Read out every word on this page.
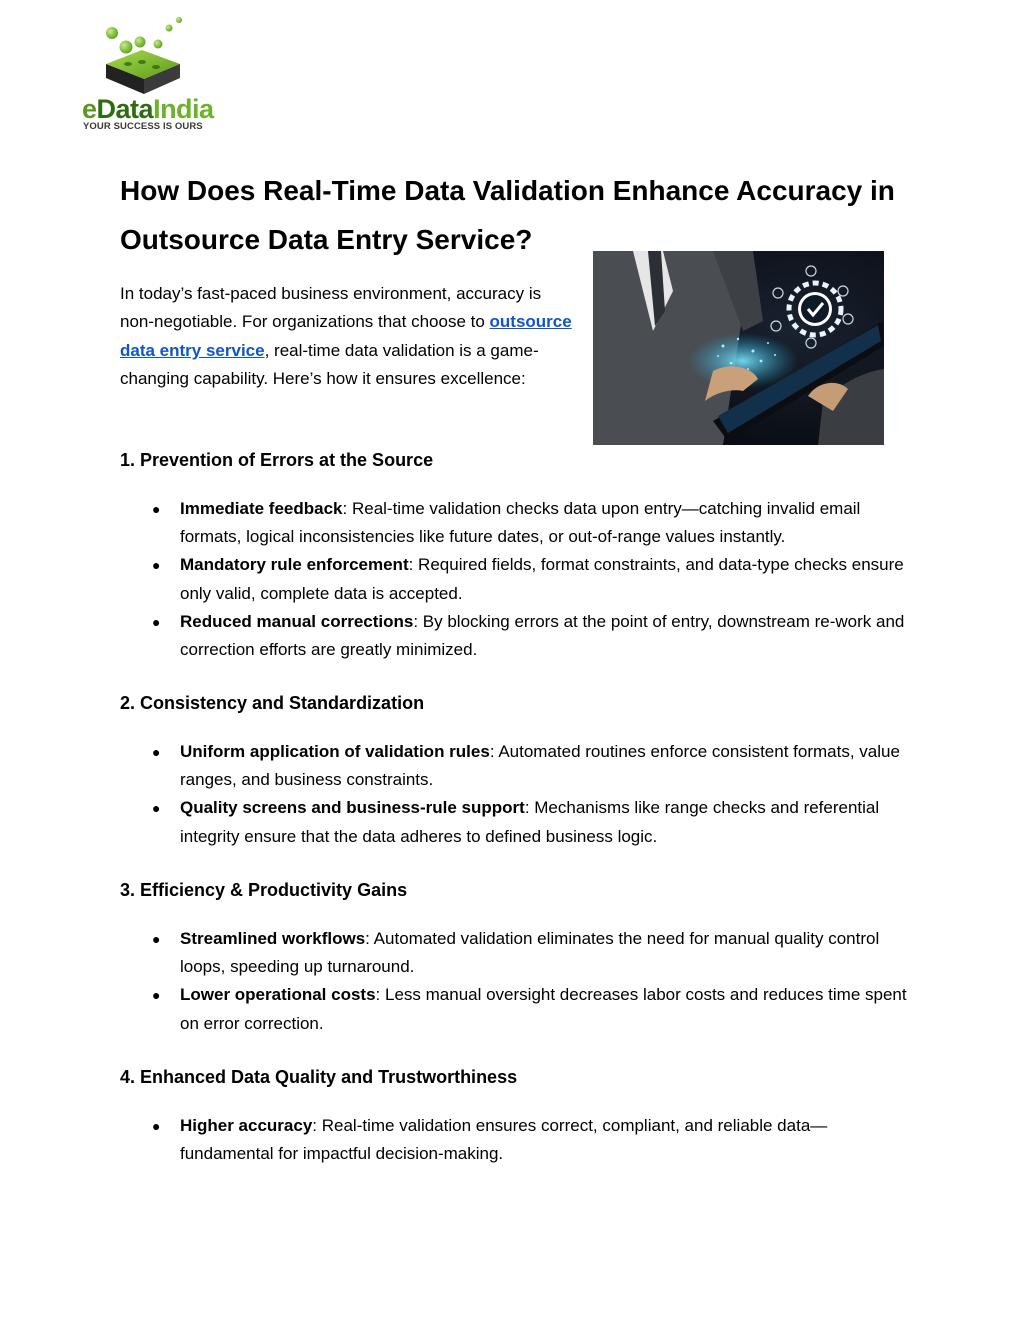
eDataIndia
YOUR SUCCESS IS OURS
How Does Real-Time Data Validation Enhance Accuracy in Outsource Data Entry Service?

In today’s fast-paced business environment, accuracy is non-negotiable. For organizations that choose to outsource data entry service, real-time data validation is a game-changing capability. Here’s how it ensures excellence:

1. Prevention of Errors at the Source
● Immediate feedback: Real-time validation checks data upon entry—catching invalid email formats, logical inconsistencies like future dates, or out-of-range values instantly.
● Mandatory rule enforcement: Required fields, format constraints, and data-type checks ensure only valid, complete data is accepted.
● Reduced manual corrections: By blocking errors at the point of entry, downstream re-work and correction efforts are greatly minimized.
2. Consistency and Standardization
● Uniform application of validation rules: Automated routines enforce consistent formats, value ranges, and business constraints.
● Quality screens and business-rule support: Mechanisms like range checks and referential integrity ensure that the data adheres to defined business logic.
3. Efficiency & Productivity Gains
● Streamlined workflows: Automated validation eliminates the need for manual quality control loops, speeding up turnaround.
● Lower operational costs: Less manual oversight decreases labor costs and reduces time spent on error correction.
4. Enhanced Data Quality and Trustworthiness
● Higher accuracy: Real-time validation ensures correct, compliant, and reliable data—fundamental for impactful decision-making.
